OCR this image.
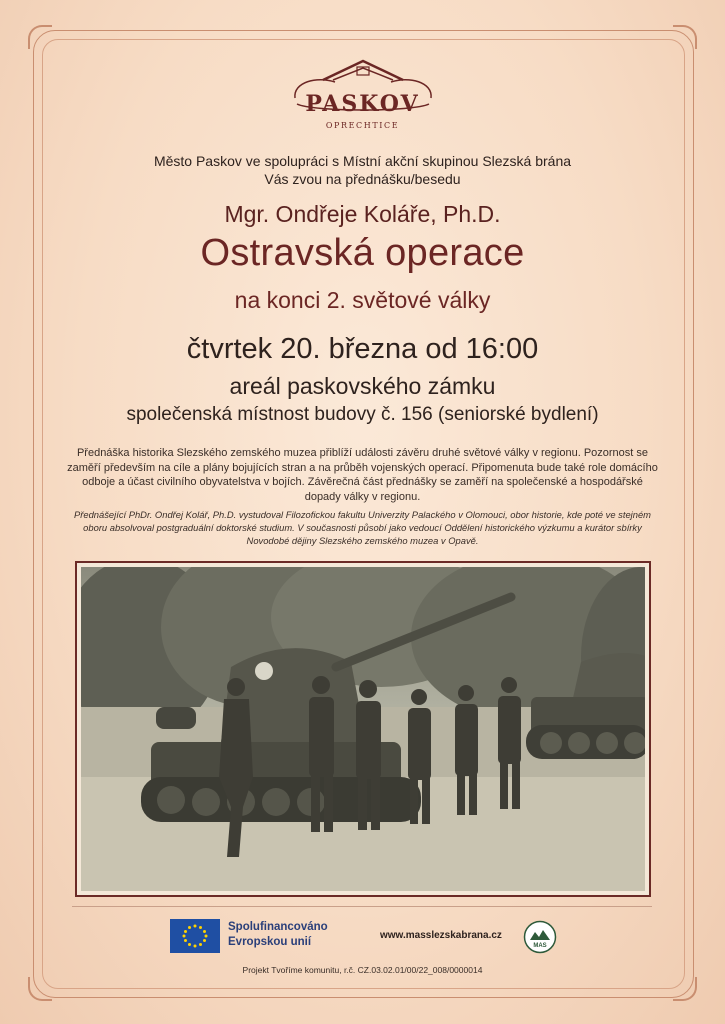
PASKOV
OPRECHTICE
Město Paskov ve spolupráci s Místní akční skupinou Slezská brána
Vás zvou na přednášku/besedu
Mgr. Ondřeje Koláře, Ph.D.
Ostravská operace
na konci 2. světové války
čtvrtek 20. března od 16:00
areál paskovského zámku
společenská místnost budovy č. 156 (seniorské bydlení)
Přednáška historika Slezského zemského muzea přiblíží události závěru druhé světové války v regionu. Pozornost se zaměří především na cíle a plány bojujících stran a na průběh vojenských operací. Připomenuta bude také role domácího odboje a účast civilního obyvatelstva v bojích. Závěrečná část přednášky se zaměří na společenské a hospodářské dopady války v regionu.
Přednášející PhDr. Ondřej Kolář, Ph.D. vystudoval Filozofickou fakultu Univerzity Palackého v Olomouci, obor historie, kde poté ve stejném oboru absolvoval postgraduální doktorské studium. V současnosti působí jako vedoucí Oddělení historického výzkumu a kurátor sbírky Novodobé dějiny Slezského zemského muzea v Opavě.
Spolufinancováno
Evropskou unií
www.masslezskabrana.cz
MAS
Projekt Tvoříme komunitu, r.č. CZ.03.02.01/00/22_008/0000014
